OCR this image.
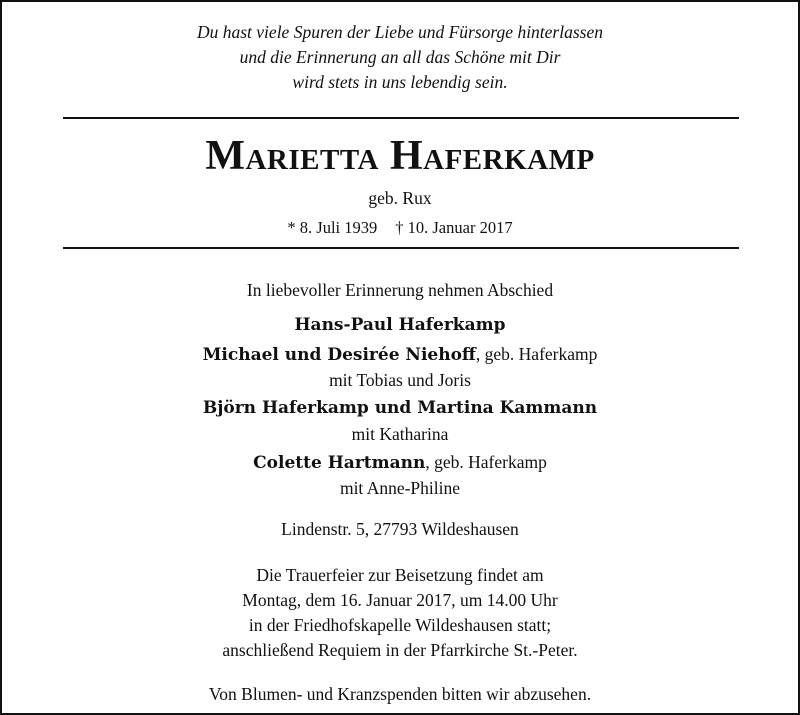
Du hast viele Spuren der Liebe und Fürsorge hinterlassen
und die Erinnerung an all das Schöne mit Dir
wird stets in uns lebendig sein.
Marietta Haferkamp
geb. Rux
* 8. Juli 1939 † 10. Januar 2017
In liebevoller Erinnerung nehmen Abschied
Hans-Paul Haferkamp
Michael und Desirée Niehoff, geb. Haferkamp
mit Tobias und Joris
Björn Haferkamp und Martina Kammann
mit Katharina
Colette Hartmann, geb. Haferkamp
mit Anne-Philine
Lindenstr. 5, 27793 Wildeshausen
Die Trauerfeier zur Beisetzung findet am
Montag, dem 16. Januar 2017, um 14.00 Uhr
in der Friedhofskapelle Wildeshausen statt;
anschließend Requiem in der Pfarrkirche St.-Peter.
Von Blumen- und Kranzspenden bitten wir abzusehen.
